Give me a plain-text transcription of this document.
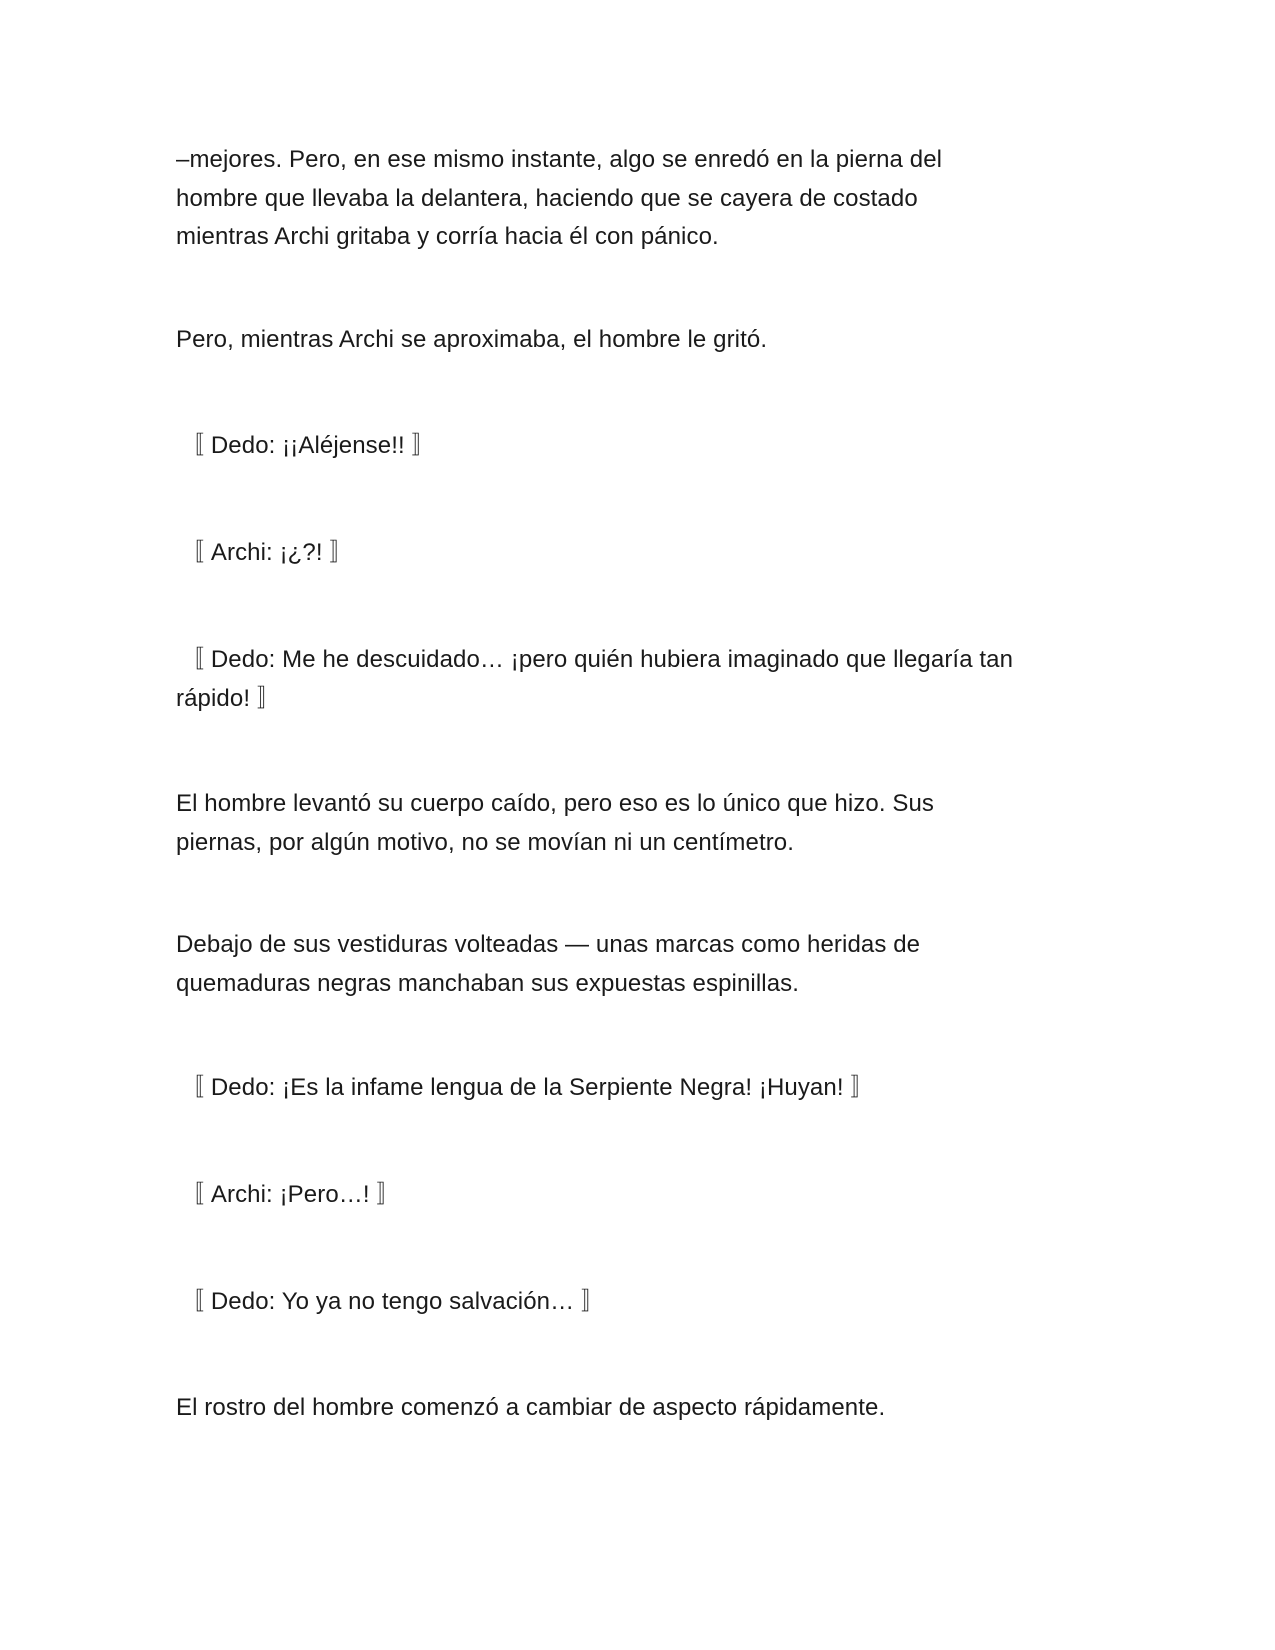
–mejores. Pero, en ese mismo instante, algo se enredó en la pierna del
hombre que llevaba la delantera, haciendo que se cayera de costado
mientras Archi gritaba y corría hacia él con pánico.

Pero, mientras Archi se aproximaba, el hombre le gritó.

〚 Dedo: ¡¡Aléjense!! 〛

〚 Archi: ¡¿?! 〛

〚 Dedo: Me he descuidado… ¡pero quién hubiera imaginado que llegaría tan
rápido! 〛

El hombre levantó su cuerpo caído, pero eso es lo único que hizo. Sus
piernas, por algún motivo, no se movían ni un centímetro.

Debajo de sus vestiduras volteadas — unas marcas como heridas de
quemaduras negras manchaban sus expuestas espinillas.

〚 Dedo: ¡Es la infame lengua de la Serpiente Negra! ¡Huyan! 〛

〚 Archi: ¡Pero…! 〛

〚 Dedo: Yo ya no tengo salvación… 〛

El rostro del hombre comenzó a cambiar de aspecto rápidamente.
